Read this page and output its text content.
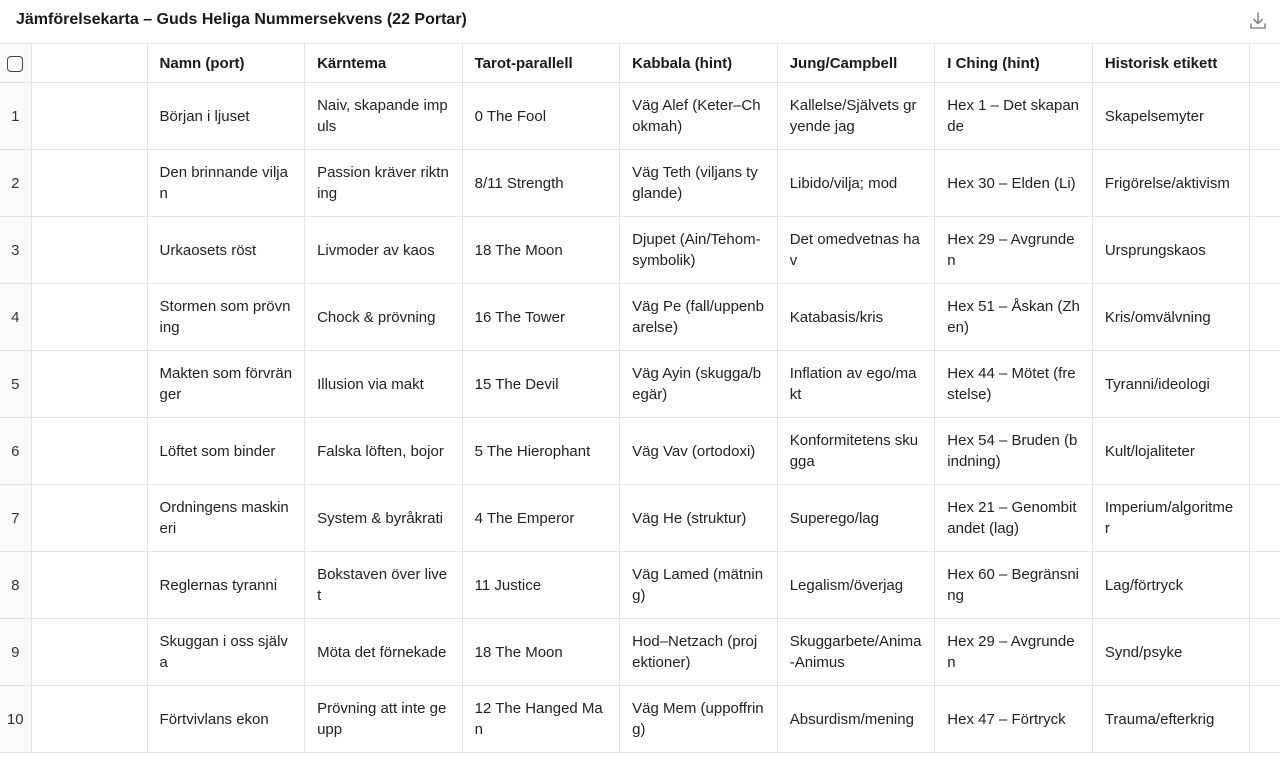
Jämförelsekarta – Guds Heliga Nummersekvens (22 Portar)
		Namn (port)	Kärntema	Tarot-parallell	Kabbala (hint)	Jung/Campbell	I Ching (hint)	Historisk etikett	
1		Början i ljuset	Naiv, skapande impuls	0 The Fool	Väg Alef (Keter–Chokmah)	Kallelse/Självets gryende jag	Hex 1 – Det skapande	Skapelsemyter	
2		Den brinnande viljan	Passion kräver riktning	8/11 Strength	Väg Teth (viljans tyglande)	Libido/vilja; mod	Hex 30 – Elden (Li)	Frigörelse/aktivism	
3		Urkaosets röst	Livmoder av kaos	18 The Moon	Djupet (Ain/Tehom-symbolik)	Det omedvetnas hav	Hex 29 – Avgrunden	Ursprungskaos	
4		Stormen som prövning	Chock & prövning	16 The Tower	Väg Pe (fall/uppenbarelse)	Katabasis/kris	Hex 51 – Åskan (Zhen)	Kris/omvälvning	
5		Makten som förvränger	Illusion via makt	15 The Devil	Väg Ayin (skugga/begär)	Inflation av ego/makt	Hex 44 – Mötet (frestelse)	Tyranni/ideologi	
6		Löftet som binder	Falska löften, bojor	5 The Hierophant	Väg Vav (ortodoxi)	Konformitetens skugga	Hex 54 – Bruden (bindning)	Kult/lojaliteter	
7		Ordningens maskineri	System & byråkrati	4 The Emperor	Väg He (struktur)	Superego/lag	Hex 21 – Genombitandet (lag)	Imperium/algoritmer	
8		Reglernas tyranni	Bokstaven över livet	11 Justice	Väg Lamed (mätning)	Legalism/överjag	Hex 60 – Begränsning	Lag/förtryck	
9		Skuggan i oss själva	Möta det förnekade	18 The Moon	Hod–Netzach (projektioner)	Skuggarbete/Anima-Animus	Hex 29 – Avgrunden	Synd/psyke	
10		Förtvivlans ekon	Prövning att inte ge upp	12 The Hanged Man	Väg Mem (uppoffring)	Absurdism/mening	Hex 47 – Förtryck	Trauma/efterkrig	
